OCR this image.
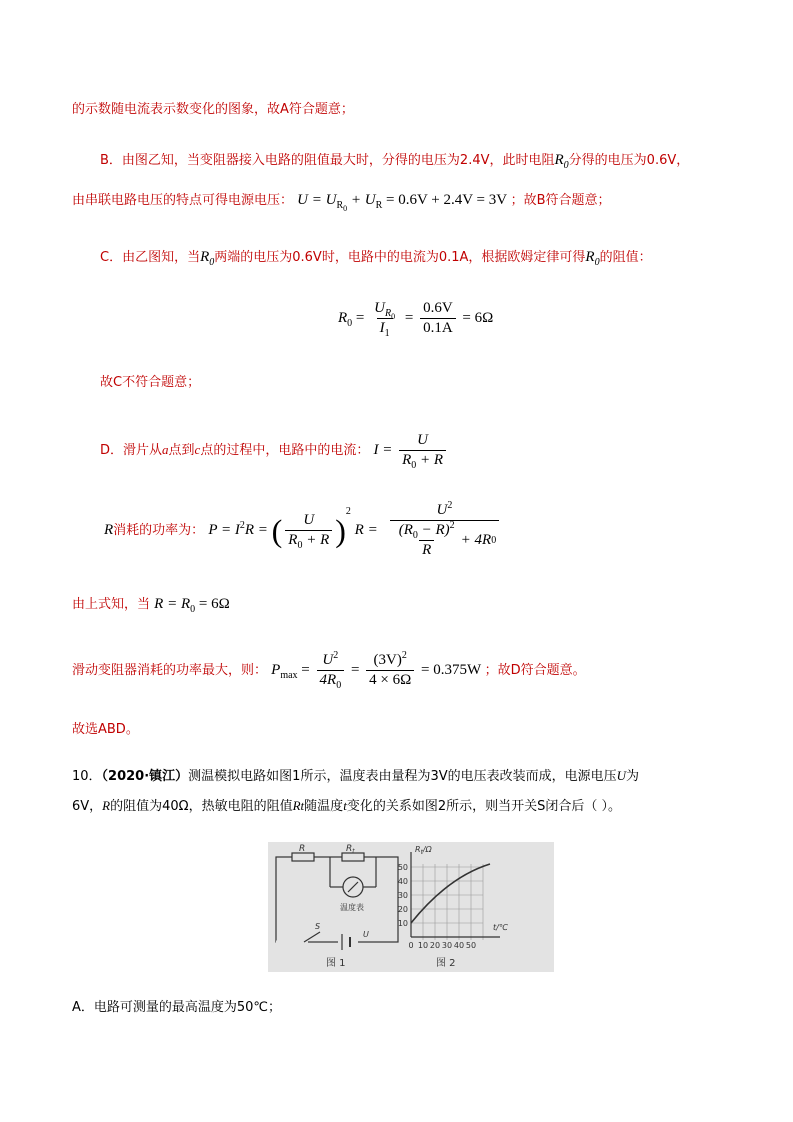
的示数随电流表示数变化的图象，故A符合题意；
B．由图乙知，当变阻器接入电路的阻值最大时，分得的电压为2.4V，此时电阻$R_0$分得的电压为0.6V，
由串联电路电压的特点可得电源电压： $U = U_{R_0} + U_R = 0.6V + 2.4V = 3V$ ；故B符合题意；
C．由乙图知，当$R_0$两端的电压为0.6V时，电路中的电流为0.1A，根据欧姆定律可得$R_0$的阻值：
$R_0 = \frac{U_{R_0}}{I_1} = \frac{0.6V}{0.1A} = 6\Omega$
故C不符合题意；
D．滑片从a点到c点的过程中，电路中的电流： $I = \frac{U}{R_0 + R}$
R消耗的功率为： $P = I^2R$ = ( $\frac{U}{R_0 + R} )^2$ $R = \frac{U^2}{\frac{(R_0 - R)^2}{R} + 4R 0}$
由上式知，当 $R = R_0 = 6\Omega$
滑动变阻器消耗的功率最大，则： $P_{max} = \frac{U^2}{4R_0} = \frac{(3V)^2}{4 \times 6\Omega} = 0.375W$ ；故D符合题意。
故选ABD。
10．（2020·镇江）测温模拟电路如图1所示，温度表由量程为3V的电压表改装而成，电源电压U为
6V，R的阻值为40Ω，热敏电阻的阻值Rt随温度t变化的关系如图2所示，则当开关S闭合后（ ）。
R	$R_t$
温度表
S
U
图 1
$R_t/\Omega$
t/℃
50
40
30
20
10
0 10 20 30 40 50
图 2
A．电路可测量的最高温度为50℃；
